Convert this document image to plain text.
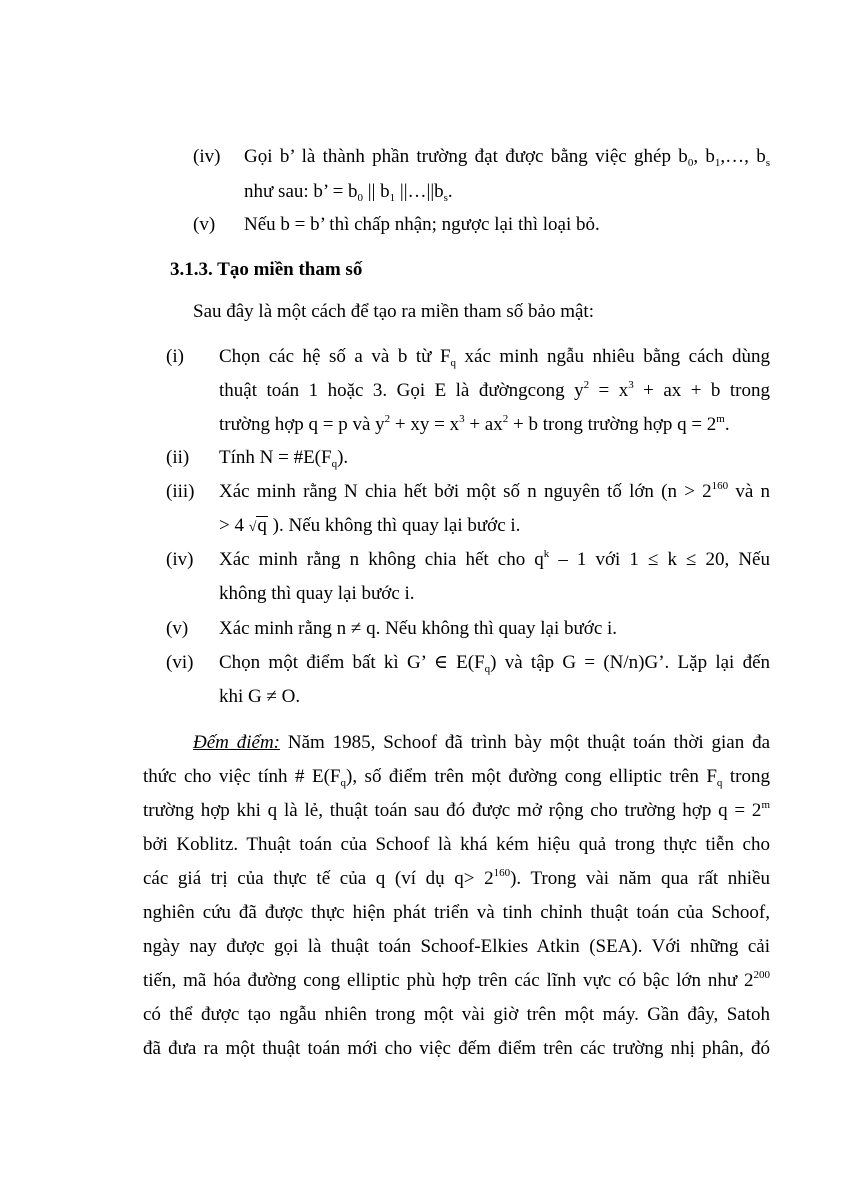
(iv) Gọi b’ là thành phần trường đạt được bằng việc ghép $b_0$, $b_1,\dots$, $b_s$
như sau: b’ = $b_0$ || $b_1$ $||\dots||b_s$.
(v) Nếu b = b’ thì chấp nhận; ngược lại thì loại bỏ.
3.1.3. Tạo miền tham số
Sau đây là một cách để tạo ra miền tham số bảo mật:
(i) Chọn các hệ số a và b từ $F_q$ xác minh ngẫu nhiêu bằng cách dùng
thuật toán 1 hoặc 3. Gọi E là đườngcong $y^2 = x^3$ + ax + b trong
trường hợp q = p và $y^2$ + xy = $x^3 + ax^2 + b$ trong trường hợp $q = 2^m$.
(ii) Tính $N = \#E(F_q)$.
(iii) Xác minh rằng N chia hết bởi một số n nguyên tố lớn ($n > 2^{160}$ và n
> 4 √q ). Nếu không thì quay lại bước i.
(iv) Xác minh rằng n không chia hết cho $q^k - 1$ với 1 ≤ k ≤ 20, Nếu
không thì quay lại bước i.
(v) Xác minh rằng n ≠ q. Nếu không thì quay lại bước i.
(vi) Chọn một điểm bất kì G’ ∈ $E(F_q)$ và tập G = (N/n)G’. Lặp lại đến
khi G ≠ O.
Đếm điểm: Năm 1985, Schoof đã trình bày một thuật toán thời gian đa
thức cho việc tính # $E(F_q)$, số điểm trên một đường cong elliptic trên $F_q$ trong
trường hợp khi q là lẻ, thuật toán sau đó được mở rộng cho trường hợp $q = 2^m$
bởi Koblitz. Thuật toán của Schoof là khá kém hiệu quả trong thực tiễn cho
các giá trị của thực tế của q (ví dụ $q> 2^{160}$). Trong vài năm qua rất nhiều
nghiên cứu đã được thực hiện phát triển và tinh chỉnh thuật toán của Schoof,
ngày nay được gọi là thuật toán Schoof-Elkies Atkin (SEA). Với những cải
tiến, mã hóa đường cong elliptic phù hợp trên các lĩnh vực có bậc lớn như $2^{200}$
có thể được tạo ngẫu nhiên trong một vài giờ trên một máy. Gần đây, Satoh
đã đưa ra một thuật toán mới cho việc đếm điểm trên các trường nhị phân, đó
